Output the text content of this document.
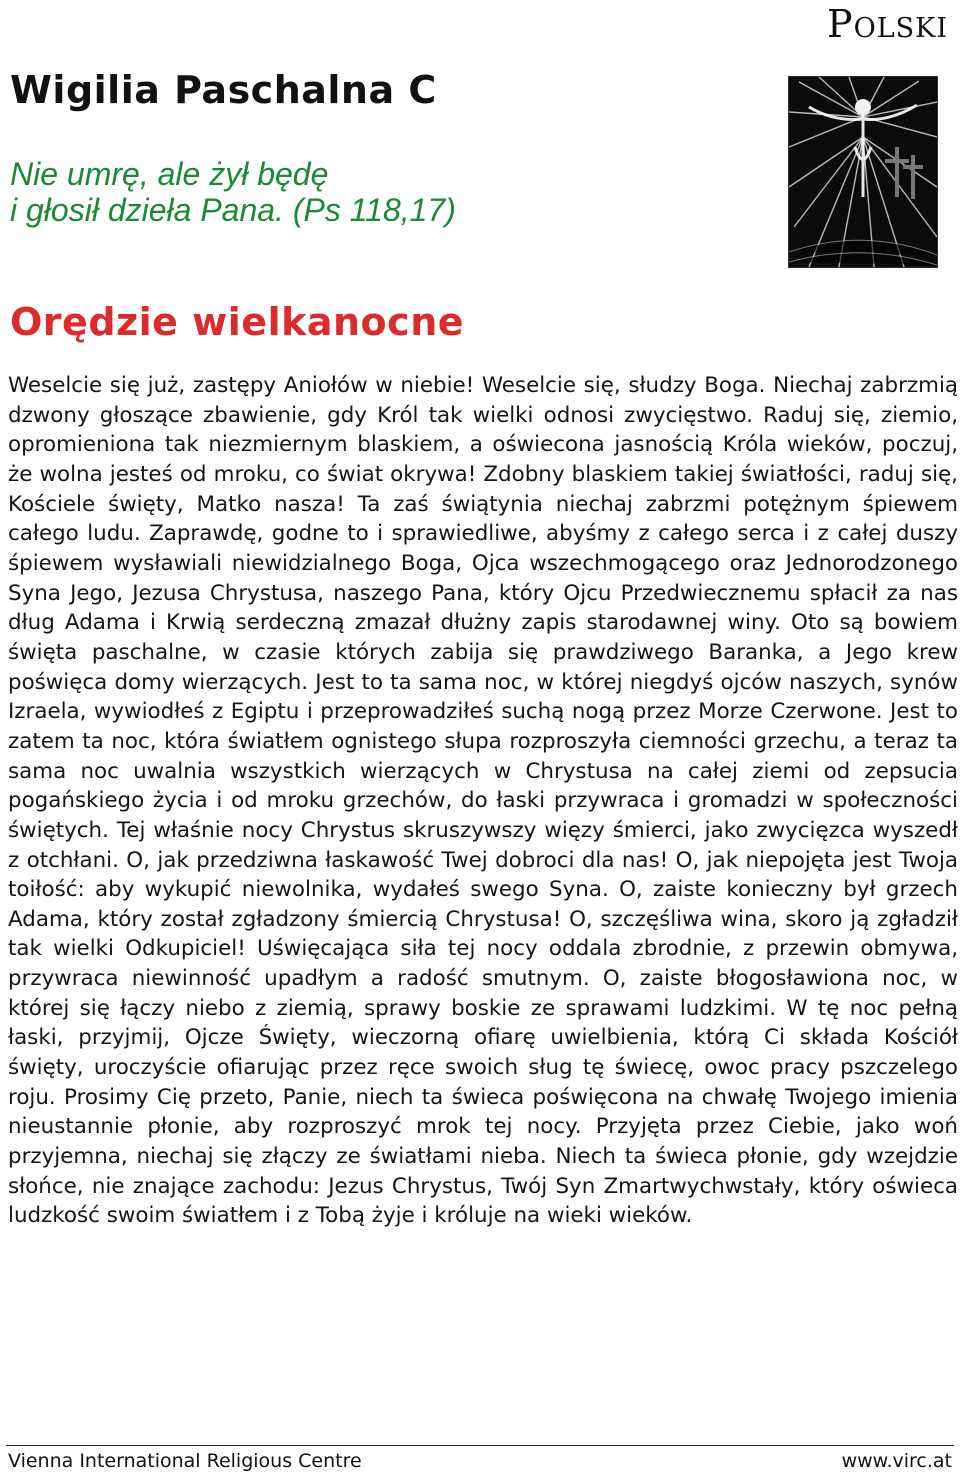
Polski
Wigilia Paschalna C
Nie umrę, ale żył będę
i głosił dzieła Pana. (Ps 118,17)
Orędzie wielkanocne

Weselcie się już, zastępy Aniołów w niebie! Weselcie się, słudzy Boga. Niechaj zabrzmią dzwony głoszące zbawienie, gdy Król tak wielki odnosi zwycięstwo. Raduj się, ziemio, opromieniona tak niezmiernym blaskiem, a oświecona jasnością Króla wieków, poczuj, że wolna jesteś od mroku, co świat okrywa! Zdobny blaskiem takiej światłości, raduj się, Kościele święty, Matko nasza! Ta zaś świątynia niechaj zabrzmi potężnym śpiewem całego ludu. Zaprawdę, godne to i sprawiedliwe, abyśmy z całego serca i z całej duszy śpiewem wysławiali niewidzialnego Boga, Ojca wszechmogącego oraz Jednorodzonego Syna Jego, Jezusa Chrystusa, naszego Pana, który Ojcu Przedwiecznemu spłacił za nas dług Adama i Krwią serdeczną zmazał dłużny zapis starodawnej winy. Oto są bowiem święta paschalne, w czasie których zabija się prawdziwego Baranka, a Jego krew poświęca domy wierzących. Jest to ta sama noc, w której niegdyś ojców naszych, synów Izraela, wywiodłeś z Egiptu i przeprowadziłeś suchą nogą przez Morze Czerwone. Jest to zatem ta noc, która światłem ognistego słupa rozproszyła ciemności grzechu, a teraz ta sama noc uwalnia wszystkich wierzących w Chrystusa na całej ziemi od zepsucia pogańskiego życia i od mroku grzechów, do łaski przywraca i gromadzi w społeczności świętych. Tej właśnie nocy Chrystus skruszywszy więzy śmierci, jako zwycięzca wyszedł z otchłani. O, jak przedziwna łaskawość Twej dobroci dla nas! O, jak niepojęta jest Twoja toiłość: aby wykupić niewolnika, wydałeś swego Syna. O, zaiste konieczny był grzech Adama, który został zgładzony śmiercią Chrystusa! O, szczęśliwa wina, skoro ją zgładził tak wielki Odkupiciel! Uświęcająca siła tej nocy oddala zbrodnie, z przewin obmywa, przywraca niewinność upadłym a radość smutnym. O, zaiste błogosławiona noc, w której się łączy niebo z ziemią, sprawy boskie ze sprawami ludzkimi. W tę noc pełną łaski, przyjmij, Ojcze Święty, wieczorną ofiarę uwielbienia, którą Ci składa Kościół święty, uroczyście ofiarując przez ręce swoich sług tę świecę, owoc pracy pszczelego roju. Prosimy Cię przeto, Panie, niech ta świeca poświęcona na chwałę Twojego imienia nieustannie płonie, aby rozproszyć mrok tej nocy. Przyjęta przez Ciebie, jako woń przyjemna, niechaj się złączy ze światłami nieba. Niech ta świeca płonie, gdy wzejdzie słońce, nie znające zachodu: Jezus Chrystus, Twój Syn Zmartwychwstały, który oświeca ludzkość swoim światłem i z Tobą żyje i króluje na wieki wieków.

Vienna International Religious Centre	www.virc.at
